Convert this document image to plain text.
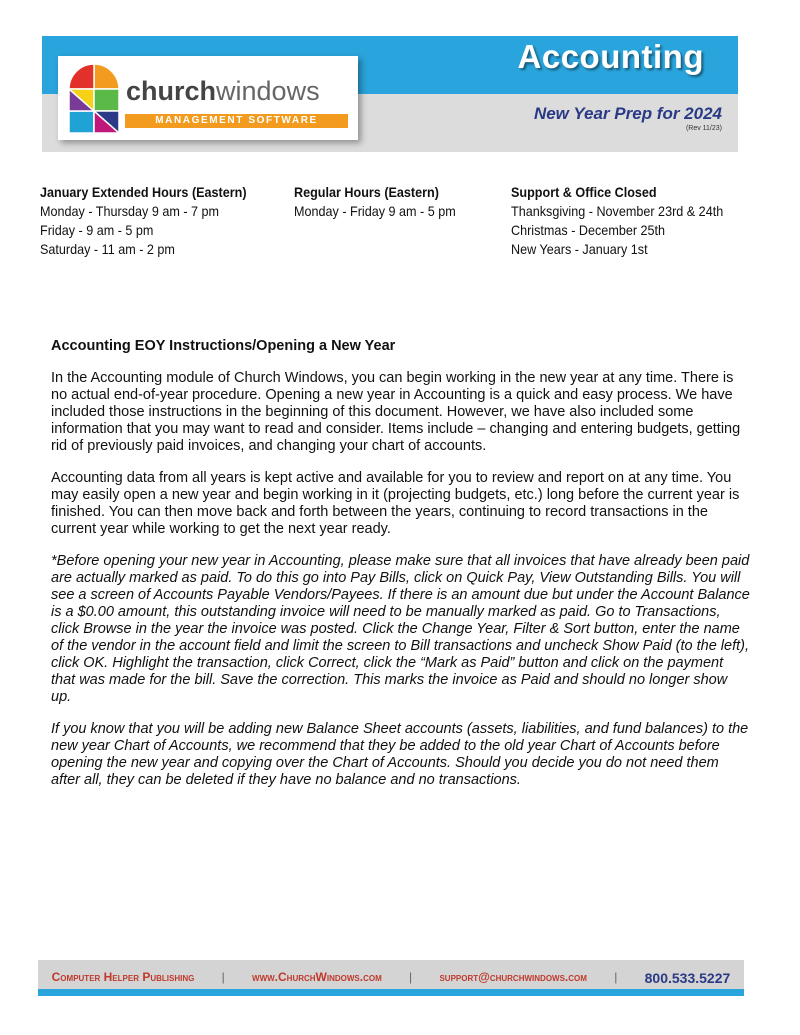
Accounting
New Year Prep for 2024
(Rev 11/23)
churchwindows
MANAGEMENT SOFTWARE
January Extended Hours (Eastern)
Monday - Thursday 9 am - 7 pm
Friday - 9 am - 5 pm
Saturday - 11 am - 2 pm
Regular Hours (Eastern)
Monday - Friday 9 am - 5 pm
Support & Office Closed
Thanksgiving - November 23rd & 24th
Christmas - December 25th
New Years - January 1st
Accounting EOY Instructions/Opening a New Year

In the Accounting module of Church Windows, you can begin working in the new year at any time. There is no actual end-of-year procedure. Opening a new year in Accounting is a quick and easy process. We have included those instructions in the beginning of this document. However, we have also included some information that you may want to read and consider. Items include – changing and entering budgets, getting rid of previously paid invoices, and changing your chart of accounts.

Accounting data from all years is kept active and available for you to review and report on at any time. You may easily open a new year and begin working in it (projecting budgets, etc.) long before the current year is finished. You can then move back and forth between the years, continuing to record transactions in the current year while working to get the next year ready.

*Before opening your new year in Accounting, please make sure that all invoices that have already been paid are actually marked as paid. To do this go into Pay Bills, click on Quick Pay, View Outstanding Bills. You will see a screen of Accounts Payable Vendors/Payees. If there is an amount due but under the Account Balance is a $0.00 amount, this outstanding invoice will need to be manually marked as paid. Go to Transactions, click Browse in the year the invoice was posted. Click the Change Year, Filter & Sort button, enter the name of the vendor in the account field and limit the screen to Bill transactions and uncheck Show Paid (to the left), click OK. Highlight the transaction, click Correct, click the “Mark as Paid” button and click on the payment that was made for the bill. Save the correction. This marks the invoice as Paid and should no longer show up.

If you know that you will be adding new Balance Sheet accounts (assets, liabilities, and fund balances) to the new year Chart of Accounts, we recommend that they be added to the old year Chart of Accounts before opening the new year and copying over the Chart of Accounts. Should you decide you do not need them after all, they can be deleted if they have no balance and no transactions.

Computer Helper Publishing | www.ChurchWindows.com | support@churchwindows.com | 800.533.5227
